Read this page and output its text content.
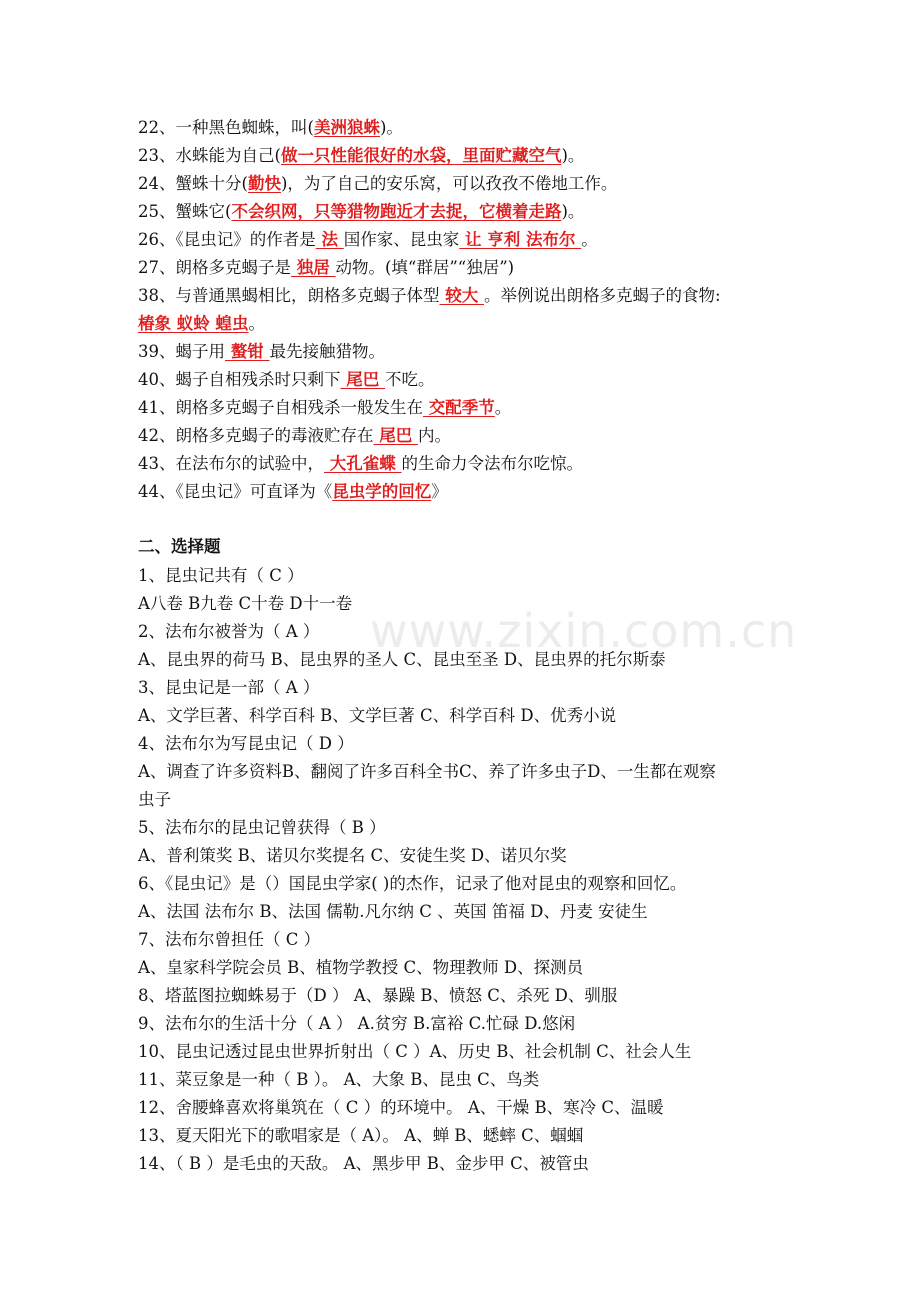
www.zixin.com.cn
22、一种黑色蜘蛛，叫(美洲狼蛛)。
23、水蛛能为自己(做一只性能很好的水袋，里面贮藏空气)。
24、蟹蛛十分(勤快)，为了自己的安乐窝，可以孜孜不倦地工作。
25、蟹蛛它(不会织网，只等猎物跑近才去捉，它横着走路)。
26、《昆虫记》的作者是 法 国作家、昆虫家 让 亨利 法布尔 。
27、朗格多克蝎子是 独居 动物。(填“群居”“独居”)
38、与普通黑蝎相比，朗格多克蝎子体型 较大 。举例说出朗格多克蝎子的食物:
椿象 蚁蛉 蝗虫。
39、蝎子用 螯钳 最先接触猎物。
40、蝎子自相残杀时只剩下 尾巴 不吃。
41、朗格多克蝎子自相残杀一般发生在 交配季节。
42、朗格多克蝎子的毒液贮存在 尾巴 内。
43、在法布尔的试验中， 大孔雀蝶 的生命力令法布尔吃惊。
44、《昆虫记》可直译为《昆虫学的回忆》
二、选择题
1、昆虫记共有（ C ）
A八卷 B九卷 C十卷 D十一卷
2、法布尔被誉为（ A ）
A、昆虫界的荷马 B、昆虫界的圣人 C、昆虫至圣 D、昆虫界的托尔斯泰
3、昆虫记是一部（ A ）
A、文学巨著、科学百科 B、文学巨著 C、科学百科 D、优秀小说
4、法布尔为写昆虫记（ D ）
A、调查了许多资料B、翻阅了许多百科全书C、养了许多虫子D、一生都在观察
虫子
5、法布尔的昆虫记曾获得（ B ）
A、普利策奖 B、诺贝尔奖提名 C、安徒生奖 D、诺贝尔奖
6、《昆虫记》是（）国昆虫学家( )的杰作，记录了他对昆虫的观察和回忆。
A、法国 法布尔 B、法国 儒勒.凡尔纳 C 、英国 笛福 D、丹麦 安徒生
7、法布尔曾担任（ C ）
A、皇家科学院会员 B、植物学教授 C、物理教师 D、探测员
8、塔蓝图拉蜘蛛易于（D ） A、暴躁 B、愤怒 C、杀死 D、驯服
9、法布尔的生活十分（ A ） A.贫穷 B.富裕 C.忙碌 D.悠闲
10、昆虫记透过昆虫世界折射出（ C ）A、历史 B、社会机制 C、社会人生
11、菜豆象是一种（ B ）。 A、大象 B、昆虫 C、鸟类
12、舍腰蜂喜欢将巢筑在（ C ）的环境中。 A、干燥 B、寒冷 C、温暖
13、夏天阳光下的歌唱家是（ A）。 A、蝉 B、蟋蟀 C、蝈蝈
14、（ B ）是毛虫的天敌。 A、黑步甲 B、金步甲 C、被管虫
